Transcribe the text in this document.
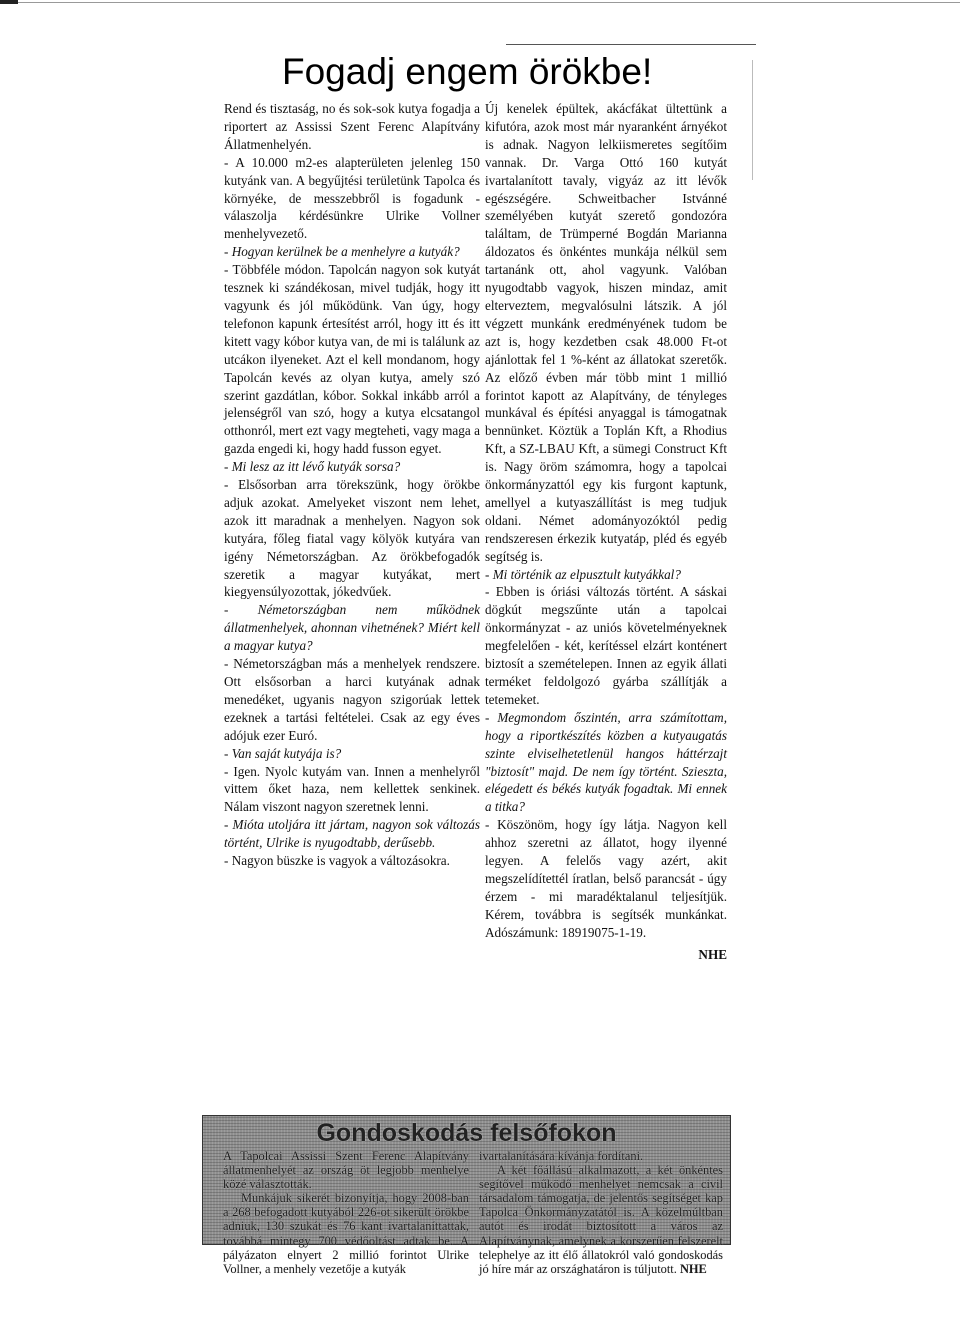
Fogadj engem örökbe!

Rend és tisztaság, no és sok-sok kutya fogadja a riportert az Assissi Szent Ferenc Alapítvány Állatmenhelyén.

- A 10.000 m2-es alapterületen jelenleg 150 kutyánk van. A begyűjtési területünk Tapolca és környéke, de messzebbről is fogadunk - válaszolja kérdésünkre Ulrike Vollner menhelyvezető.

- Hogyan kerülnek be a menhelyre a kutyák?

- Többféle módon. Tapolcán nagyon sok kutyát tesznek ki szándékosan, mivel tudják, hogy itt vagyunk és jól működünk. Van úgy, hogy telefonon kapunk értesítést arról, hogy itt és itt kitett vagy kóbor kutya van, de mi is találunk az utcákon ilyeneket. Azt el kell mondanom, hogy Tapolcán kevés az olyan kutya, amely szó szerint gazdátlan, kóbor. Sokkal inkább arról a jelenségről van szó, hogy a kutya elcsatangol otthonról, mert ezt vagy megteheti, vagy maga a gazda engedi ki, hogy hadd fusson egyet.

- Mi lesz az itt lévő kutyák sorsa?

- Elsősorban arra törekszünk, hogy örökbe adjuk azokat. Amelyeket viszont nem lehet, azok itt maradnak a menhelyen. Nagyon sok kutyára, főleg fiatal vagy kölyök kutyára van igény Németországban. Az örökbefogadók szeretik a magyar kutyákat, mert kiegyensúlyozottak, jókedvűek.

- Németországban nem működnek állatmenhelyek, ahonnan vihetnének? Miért kell a magyar kutya?

- Németországban más a menhelyek rendszere. Ott elsősorban a harci kutyának adnak menedéket, ugyanis nagyon szigorúak lettek ezeknek a tartási feltételei. Csak az egy éves adójuk ezer Euró.

- Van saját kutyája is?

- Igen. Nyolc kutyám van. Innen a menhelyről vittem őket haza, nem kellettek senkinek. Nálam viszont nagyon szeretnek lenni.

- Mióta utoljára itt jártam, nagyon sok változás történt, Ulrike is nyugodtabb, derűsebb.

- Nagyon büszke is vagyok a változásokra.

Új kenelek épültek, akácfákat ültettünk a kifutóra, azok most már nyaranként árnyékot is adnak. Nagyon lelkiismeretes segítőim vannak. Dr. Varga Ottó 160 kutyát ivartalanított tavaly, vigyáz az itt lévők egészségére. Schweitbacher Istvánné személyében kutyát szerető gondozóra találtam, de Trümperné Bogdán Marianna áldozatos és önkéntes munkája nélkül sem tartanánk ott, ahol vagyunk. Valóban nyugodtabb vagyok, hiszen mindaz, amit elterveztem, megvalósulni látszik. A jól végzett munkánk eredményének tudom be azt is, hogy kezdetben csak 48.000 Ft-ot ajánlottak fel 1 %-ként az állatokat szeretők. Az előző évben már több mint 1 millió forintot kapott az Alapítvány, de tényleges munkával és építési anyaggal is támogatnak bennünket. Köztük a Toplán Kft, a Rhodius Kft, a SZ-LBAU Kft, a sümegi Construct Kft is. Nagy öröm számomra, hogy a tapolcai önkormányzattól egy kis furgont kaptunk, amellyel a kutyaszállítást is meg tudjuk oldani. Német adományozóktól pedig rendszeresen érkezik kutyatáp, pléd és egyéb segítség is.

- Mi történik az elpusztult kutyákkal?

- Ebben is óriási változás történt. A sáskai dögkút megszűnte után a tapolcai önkormányzat - az uniós követelményeknek megfelelően - két, kerítéssel elzárt konténert biztosít a szemételepen. Innen az egyik állati terméket feldolgozó gyárba szállítják a tetemeket.

- Megmondom őszintén, arra számítottam, hogy a riportkészítés közben a kutyaugatás szinte elviselhetetlenül hangos háttérzajt "biztosít" majd. De nem így történt. Szieszta, elégedett és békés kutyák fogadtak. Mi ennek a titka?

- Köszönöm, hogy így látja. Nagyon kell ahhoz szeretni az állatot, hogy ilyenné legyen. A felelős vagy azért, akit megszelídítettél íratlan, belső parancsát - úgy érzem - mi maradéktalanul teljesítjük. Kérem, továbbra is segítsék munkánkat. Adószámunk: 18919075-1-19.

NHE

Gondoskodás felsőfokon

A Tapolcai Assissi Szent Ferenc Alapítvány állatmenhelyét az ország öt legjobb menhelye közé választották.

Munkájuk sikerét bizonyítja, hogy 2008-ban a 268 befogadott kutyából 226-ot sikerült örökbe adniuk, 130 szukát és 76 kant ivartalaníttattak, továbbá mintegy 700 védőoltást adtak be. A pályázaton elnyert 2 millió forintot Ulrike Vollner, a menhely vezetője a kutyák

ivartalanítására kívánja fordítani.

A két főállású alkalmazott, a két önkéntes segítővel működő menhelyet nemcsak a civil társadalom támogatja, de jelentős segítséget kap Tapolca Önkormányzatától is. A közelmúltban autót és irodát biztosított a város az Alapítványnak, amelynek a korszerűen felszerelt telephelye az itt élő állatokról való gondoskodás jó híre már az országhatáron is túljutott. NHE
